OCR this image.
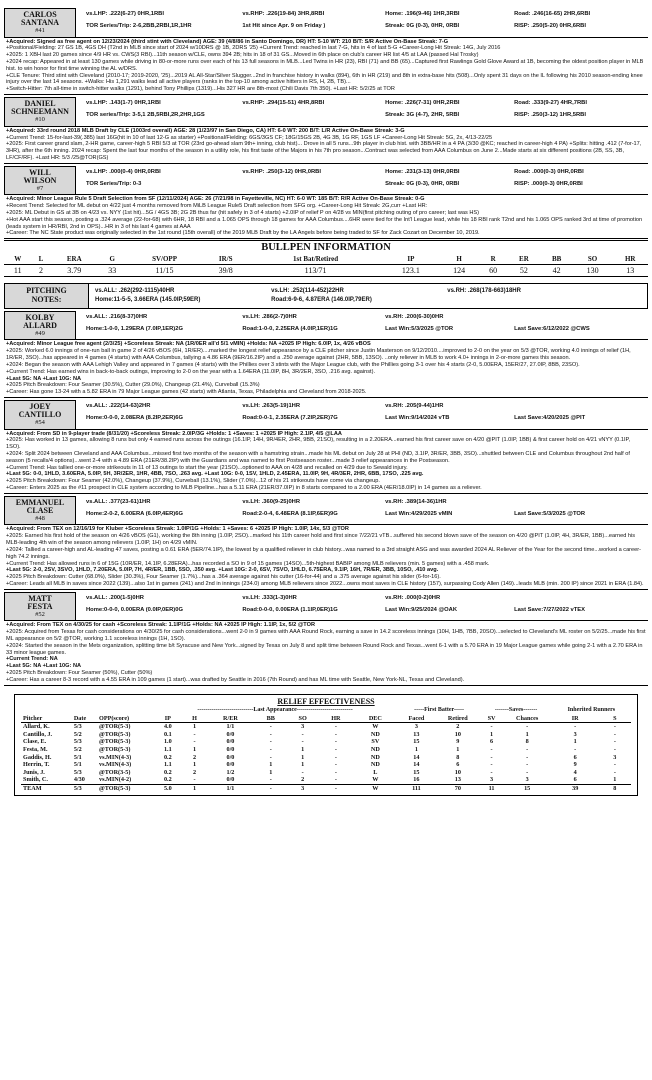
CARLOS
SANTANA
#41
vs.LHP: .222(6-27) 0HR,1RBI	vs.RHP: .226(19-84) 3HR,8RBI	Home: .196(9-46) 1HR,3RBI	Road: .246(16-65) 2HR,6RBI
TOR Series/Trip: 2-6,2BB,2RBI,1R,1HR	1st Hit since Apr. 9 on Friday )	Streak: 0G (0-3), 0HR, 0RBI	RISP: .250(5-20) 0HR,6RBI

+Acquired: Signed as free agent on 12/23/2024 (third stint with Cleveland) AGE: 39 (4/8/86 in Santo Domingo, DR) HT: 5-10 WT: 210 B/T: S/R Active On-Base Streak: 7-G

+Positional/Fielding: 27 GS 1B, 4GS DH (T2nd in MLB since start of 2024 w/10DRS @ 1B, 2DRS '25) +Current Trend: reached in last 7-G, hits in 4 of last 5-G +Career-Long Hit Streak: 14G, July 2016

+2025: 1 XBH last 20 games since 4/9 HR vs. CWS(3 RBI)...11th season w/CLE, owns 394 2B; hits in 18 of 31 GS...Moved in 6th place on club's career HR list 4/5 at LAA (passed Hal Trosky)

+2024 recap: Appeared in at least 130 games while driving in 80-or-more runs over each of his 13 full seasons in MLB...Led Twins in HR (23), RBI (71) and BB (65)...Captured first Rawlings Gold Glove Award at 1B, becoming the oldest position player in MLB hist. to win honor for first time winning the AL w/DRS.

+CLE Tenure: Third stint with Cleveland (2010-17; 2019-2020, '25)...2019 AL All-Star/Silver Slugger...2nd in franchise history in walks (894), 6th in HR (219) and 8th in extra-base hits (508)...Only spent 31 days on the IL following his 2010 season-ending knee injury over the last 14 seasons. +Walks: His 1,291 walks lead all active players (ranks in the top-10 among active hitters in RS, H, 2B, TB)...

+Switch-Hitter: 7th all-time in switch-hitter walks (1291), behind Tony Phillips (1319)...His 327 HR are 8th-most (Chili Davis 7th 350). +Last HR: 5/2/25 at TOR

DANIEL
SCHNEEMANN
#10
vs.LHP: .143(1-7) 0HR,1RBI	vs.RHP: .294(15-51) 4HR,8RBI	Home: .226(7-31) 0HR,2RBI	Road: .333(9-27) 4HR,7RBI
TOR series/Trip: 3-5,1 2B,5RBI,2R,2HR,1GS	Streak: 3G (4-7), 2HR, 5RBI	RISP: .250(3-12) 1HR,5RBI

+Acquired: 33rd round 2018 MLB Draft by CLE (1003rd overall) AGE: 28 (1/23/97 in San Diego, CA) HT: 6-0 WT: 200 B/T: L/R Active On-Base Streak: 3-G

+Current Trend: 15-for-last-39(.385) last 16G(hit in 10 of last 12-G as starter) +Positional/Fielding: 6GS/3GS CF; 18G/15GS 2B, 4G 3B, 1G RF, 1GS LF +Career-Long Hit Streak: 5G, 2x, 4/13-22/25

+2025: First career grand slam, 2-HR game, career-high 5 RBI 5/3 at TOR (23rd go-ahead slam 9th+ inning, club hist)... Drove in all 5 runs...9th player in club hist. with 3BB/HR in a 4 PA (3/30 @KC; reached in career-high 4 PA) +Splits: hitting .412 (7-for-17, 3HR), after the 6th inning. 2024 recap: Spent the last four months of the season in a utility role, his first taste of the Majors in his 7th pro season...Contract was selected from AAA Columbus on June 2...Made starts at six different positions (2B, SS, 3B, LF/CF/RF). +Last HR: 5/3 /25@TOR(GS)

WILL
WILSON
#7
vs.LHP: .000(0-4) 0HR,0RBI	vs.RHP: .250(3-12) 0HR,0RBI	Home: .231(3-13) 0HR,0RBI	Road: .000(0-3) 0HR,0RBI
TOR Series/Trip: 0-3	Streak: 0G (0-3), 0HR, 0RBI	RISP: .000(0-3) 0HR,0RBI

+Acquired: Minor League Rule 5 Draft Selection from SF (12/11/2024) AGE: 26 (7/21/98 in Fayetteville, NC) HT: 6-0 WT: 185 B/T: R/R Active On-Base Streak: 0-G

+Recent Trend: Selected for ML debut on 4/22 just 4 months removed from MiLB League Rule5 Draft selection from SFG org. +Career-Long Hit Streak: 2G,curr +Last HR:

+2025: ML Debut in GS at 3B on 4/23 vs. NYY (1st hit)...5G / 4GS 3B; 2G 2B thus far (hit safely in 3 of 4 starts) +2.0IP of relief P on 4/28 vs MIN(first pitching outing of pro career; last was HS)

+Hot AAA start this season, posting a .324 average (22-for-68) with 6HR, 18 RBI and a 1.065 OPS through 18 games for AAA Columbus....6HR were tied for the Int'l League lead, while his 18 RBI rank T2nd and his 1.065 OPS ranked 3rd at time of promotion (leads system in HR/RBI, 2nd in OPS)...HR in 3 of his last 4 games at AAA

+Career: The NC State product was originally selected in the 1st round (15th overall) of the 2019 MLB Draft by the LA Angels before being traded to SF for Zack Cozart on December 10, 2019.

BULLPEN INFORMATION
W	L	ERA	G	SV/OPP	IR/S	1st Bat/Retired	IP	H	R	ER	BB	SO	HR
11	2	3.79	33	11/15	39/8	113/71	123.1	124	60	52	42	130	13
PITCHING
NOTES:
vs.ALL: .262(292-1115)40HR	vs.LH: .252(114-452)22HR	vs.RH: .268(178-663)18HR
Home:11-5-5, 3.66ERA (145.0IP,59ER)	Road:6-9-6, 4.87ERA (146.0IP,79ER)
KOLBY
ALLARD
#49
vs.ALL: .216(8-37)0HR	vs.LH: .286(2-7)0HR	vs.RH: .200(6-30)0HR
Home:1-0-0, 1.29ERA (7.0IP,1ER)2G	Road:1-0-0, 2.25ERA (4.0IP,1ER)1G	Last Win:5/3/2025 @TOR	Last Save:6/12/2022 @CWS

+Acquired: Minor League free agent (2/3/25) +Scoreless Streak: NA (1R/0ER all'd 5/1 vMIN) +Holds: NA +2025 IP High: 6.0IP, 1x, 4/26 vBOS

+2025: Worked 6.0 innings of one-run ball in game 2 of 4/26 vBOS (6H, 1R/ER)....marked the longest relief appearance by a CLE pitcher since Justin Masterson on 9/12/2010....improved to 2-0 on the year on 5/3 @TOR, working 4.0 innings of relief (1H, 1R/ER, 3SO)...has appeared in 4 games (4 starts) with AAA Columbus, tallying a 4.86 ERA (9ER/16.2IP) and a .250 average against (2HR, 5BB, 13SO). ..only reliever in MLB to work 4.0+ innings in 2-or-more games this season.

+2024: Began the season with AAA Lehigh Valley and appeared in 7 games (4 starts) with the Phillies over 3 stints with the Major League club, with the Phillies going 3-1 over his 4 starts (2-0, 5.00ERA, 15ER/27, 27.0IP, 8BB, 23SO).

+Current Trend: Has earned wins in back-to-back outings, improving to 2-0 on the year with a 1.64ERA (11.0IP, 8H, 3R/2ER, 3SO, .216 avg. against).

+Last 5G: NA +Last 10G: NA

+2025 Pitch Breakdown: Four Seamer (30.5%), Cutter (29.0%), Changeup (21.4%), Curveball (15.3%)

+Career: Has gone 13-24 with a 5.82 ERA in 79 Major League games (42 starts) with Atlanta, Texas, Philadelphia and Cleveland from 2018-2025.

JOEY
CANTILLO
#54
vs.ALL: .222(14-63)2HR	vs.LH: .263(5-19)1HR	vs.RH: .205(9-44)1HR
Home:0-0-0, 2.08ERA (8.2IP,2ER)6G	Road:0-0-1, 2.35ERA (7.2IP,2ER)7G	Last Win:9/14/2024 vTB	Last Save:4/20/2025 @PIT

+Acquired: From SD in 9-player trade (8/31/20) +Scoreless Streak: 2.0IP/3G +Holds: 1 +Saves: 1 +2025 IP High: 2.1IP, 4/5 @LAA

+2025: Has worked in 13 games, allowing 8 runs but only 4 earned runs across the outings (16.1IP, 14H, 9R/4ER, 2HR, 9BB, 21SO), resulting in a 2.20ERA...earned his first career save on 4/20 @PIT (1.0IP, 1BB) & first career hold on 4/21 vNYY (0.1IP, 1SO).

+2024: Split 2024 between Cleveland and AAA Columbus...missed first two months of the season with a hamstring strain...made his ML debut on July 28 at PHI (ND, 3.1IP, 3R/ER, 3BB, 3SO)...shuttled between CLE and Columbus throughout 2nd half of season (5 recalls/4 options)...went 2-4 with a 4.89 ERA (21ER/38.2IP) with the Guardians and was named to first Postseason roster...made 3 relief appearances in the Postseason.

+Current Trend: Has tallied one-or-more strikeouts in 11 of 13 outings to start the year (21SO)...optioned to AAA on 4/28 and recalled on 4/29 due to Sewald injury.

+Last 5G: 0-0, 1HLD, 3.60ERA, 5.0IP, 5H, 3R/2ER, 1HR, 4BB, 7SO, .263 avg. +Last 10G: 0-0, 1SV, 1HLD, 2.45ERA, 11.0IP, 9H, 4R/3ER, 2HR, 6BB, 17SO, .225 avg.

+2025 Pitch Breakdown: Four Seamer (42.0%), Changeup (37.9%), Curveball (13.1%), Slider (7.0%)...12 of his 21 strikeouts have come via changeup.

+Career: Enters 2025 as the #11 prospect in CLE system according to MLB Pipeline...has a 5.11 ERA (21ER/37.0IP) in 8 starts compared to a 2.00 ERA (4ER/18.0IP) in 14 games as a reliever.

EMMANUEL
CLASE
#48
vs.ALL: .377(23-61)1HR	vs.LH: .360(9-25)0HR	vs.RH: .389(14-36)1HR
Home:2-0-2, 6.00ERA (6.0IP,4ER)6G	Road:2-0-4, 6.48ERA (8.1IP,6ER)9G	Last Win:4/29/2025 vMIN	Last Save:5/3/2025 @TOR

+Acquired: From TEX on 12/16/19 for Kluber +Scoreless Streak: 1.0IP/1G +Holds: 1 +Saves: 6 +2025 IP High: 1.0IP, 14x, 5/3 @TOR

+2025: Earned his first hold of the season on 4/26 vBOS (G1), working the 8th inning (1.0IP, 2SO)...marked his 11th career hold and first since 7/22/21 vTB...suffered his second blown save of the season on 4/20 @PIT (1.0IP, 4H, 3R/ER, 1BB)...earned his MLB-leading 4th win of the season among relievers (1.0IP, 1H) on 4/29 vMIN.

+2024: Tallied a career-high and AL-leading 47 saves, posting a 0.61 ERA (5ER/74.1IP), the lowest by a qualified reliever in club history...was named to a 3rd straight ASG and was awarded 2024 AL Reliever of the Year for the second time...worked a career-high 74.2 innings.

+Current Trend: Has allowed runs in 6 of 15G (10R/ER, 14.1IP, 6.28ERA)...has recorded a SO in 9 of 15 games (14SO)...5th-highest BABIP among MLB relievers (min. 5 games) with a .458 mark.

+Last 5G: 2-0, 2SV, 3SVO, 1HLD, 7.20ERA, 5.0IP, 7H, 4R/ER, 1BB, 5SO, .350 avg. +Last 10G: 2-0, 6SV, 7SVO, 1HLD, 6.75ERA, 9.1IP, 16H, 7R/ER, 3BB, 10SO, .410 avg.

+2025 Pitch Breakdown: Cutter (68.0%), Slider (30.3%), Four Seamer (1.7%)...has a .364 average against his cutter (16-for-44) and a .375 average against his slider (6-for-16).

+Career: Leads all MLB in saves since 2022 (139)...also 1st in games (241) and 2nd in innings (234.0) among MLB relievers since 2022...owns most saves in CLE history (157), surpassing Cody Allen (149)...leads MLB (min. 200 IP) since 2021 in ERA (1.84).

MATT
FESTA
#52
vs.ALL: .200(1-5)0HR	vs.LH: .333(1-3)0HR	vs.RH: .000(0-2)0HR
Home:0-0-0, 0.00ERA (0.0IP,0ER)0G	Road:0-0-0, 0.00ERA (1.1IP,0ER)1G	Last Win:9/25/2024 @OAK	Last Save:7/27/2022 vTEX

+Acquired: From TEX on 4/30/25 for cash +Scoreless Streak: 1.1IP/1G +Holds: NA +2025 IP High: 1.1IP, 1x, 5/2 @TOR

+2025: Acquired from Texas for cash considerations on 4/30/25 for cash considerations...went 2-0 in 9 games with AAA Round Rock, earning a save in 14.2 scoreless innings (10H, 1HB, 7BB, 20SO)...selected to Cleveland's ML roster on 5/2/25...made his first ML appearance on 5/2 @TOR, working 1.1 scoreless innings (1H, 1SO).

+2024: Started the season in the Mets organization, splitting time b/t Syracuse and New York...signed by Texas on July 8 and split time between Round Rock and Texas...went 6-1 with a 5.70 ERA in 19 Major League games while going 2-1 with a 2.70 ERA in 33 minor league games.

+Current Trend: NA

+Last 5G: NA +Last 10G: NA

+2025 Pitch Breakdown: Four Seamer (50%), Cutter (50%)

+Career: Has a career 8-3 record with a 4.55 ERA in 109 games (1 start)...was drafted by Seattle in 2016 (7th Round) and has ML time with Seattle, New York-NL, Texas and Cleveland).

RELIEF EFFECTIVENESS
			----------------------------Last Appearance----------------------------							-----First Batter-----		-------Saves-------		Inherited Runners	
Pitcher	Date	OPP(score)	IP	H	R/ER	BB	SO	HR	DEC	Faced	Retired	SV	Chances	IR	S
Allard, K.	5/3	@TOR(5-3)	4.0	1	1/1	-	3	-	W	3	2	-	-	-	-
Cantillo, J.	5/2	@TOR(5-3)	0.1	-	0/0	-	-	-	ND	13	10	1	1	3	-
Clase, E.	5/3	@TOR(5-3)	1.0	-	0/0	-	-	-	SV	15	9	6	8	1	-
Festa, M.	5/2	@TOR(5-3)	1.1	1	0/0	-	1	-	ND	1	1	-	-	-	-
Gaddis, H.	5/1	vs.MIN(4-3)	0.2	2	0/0	-	1	-	ND	14	8	-	-	6	3
Herrin, T.	5/1	vs.MIN(4-3)	1.1	1	0/0	1	1	-	ND	14	6	-	-	9	-
Junis, J.	5/3	@TOR(3-5)	0.2	2	1/2	1	-	-	L	15	10	-	-	4	-
Smith, C.	4/30	vs.MIN(4-2)	0.2	-	0/0	-	2	-	W	16	13	3	3	6	1
TEAM	5/3	@TOR(5-3)	5.0	1	1/1	-	3	-	W	111	70	11	15	39	8
